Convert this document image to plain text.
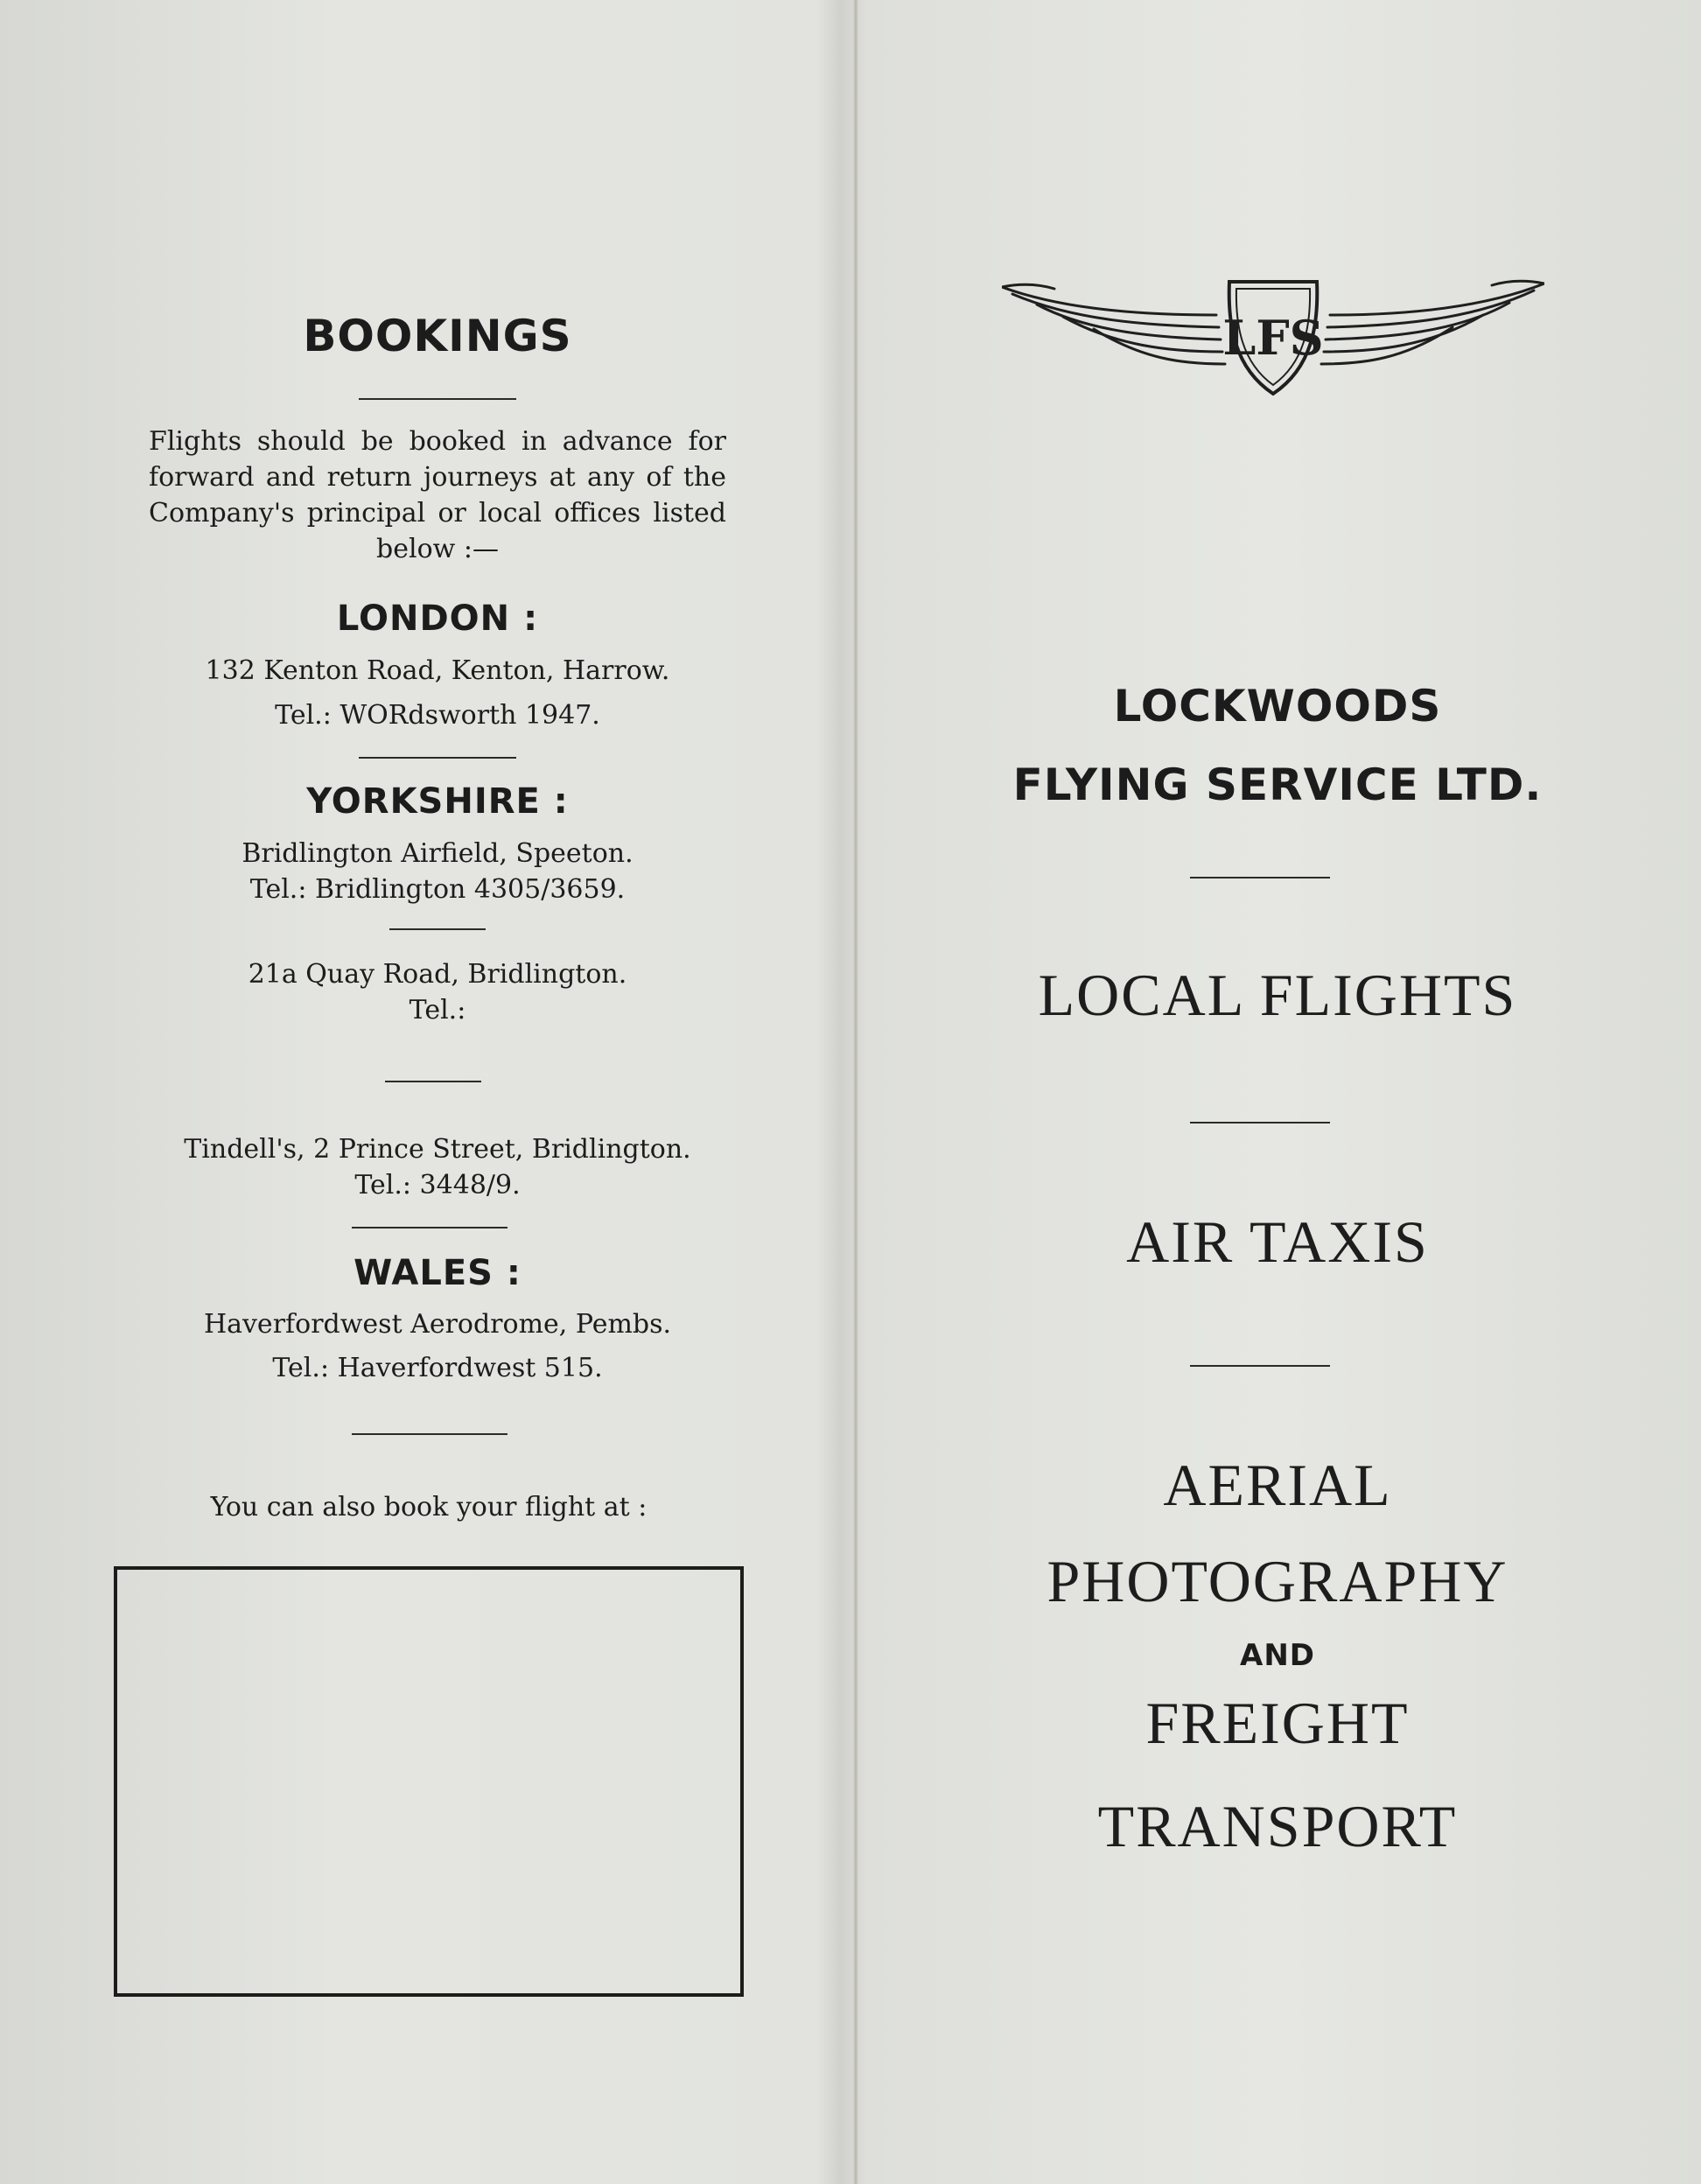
BOOKINGS
Flights should be booked in advance for forward and return journeys at any of the Company's principal or local offices listed below :—
LONDON :
132 Kenton Road, Kenton, Harrow.
Tel.: WORdsworth 1947.
YORKSHIRE :
Bridlington Airfield, Speeton.
Tel.: Bridlington 4305/3659.
21a Quay Road, Bridlington.
Tel.:
Tindell's, 2 Prince Street, Bridlington.
Tel.: 3448/9.
WALES :
Haverfordwest Aerodrome, Pembs.
Tel.: Haverfordwest 515.
You can also book your flight at :
LFS
LOCKWOODS
FLYING SERVICE LTD.
LOCAL FLIGHTS
AIR TAXIS
AERIAL
PHOTOGRAPHY
AND
FREIGHT
TRANSPORT
